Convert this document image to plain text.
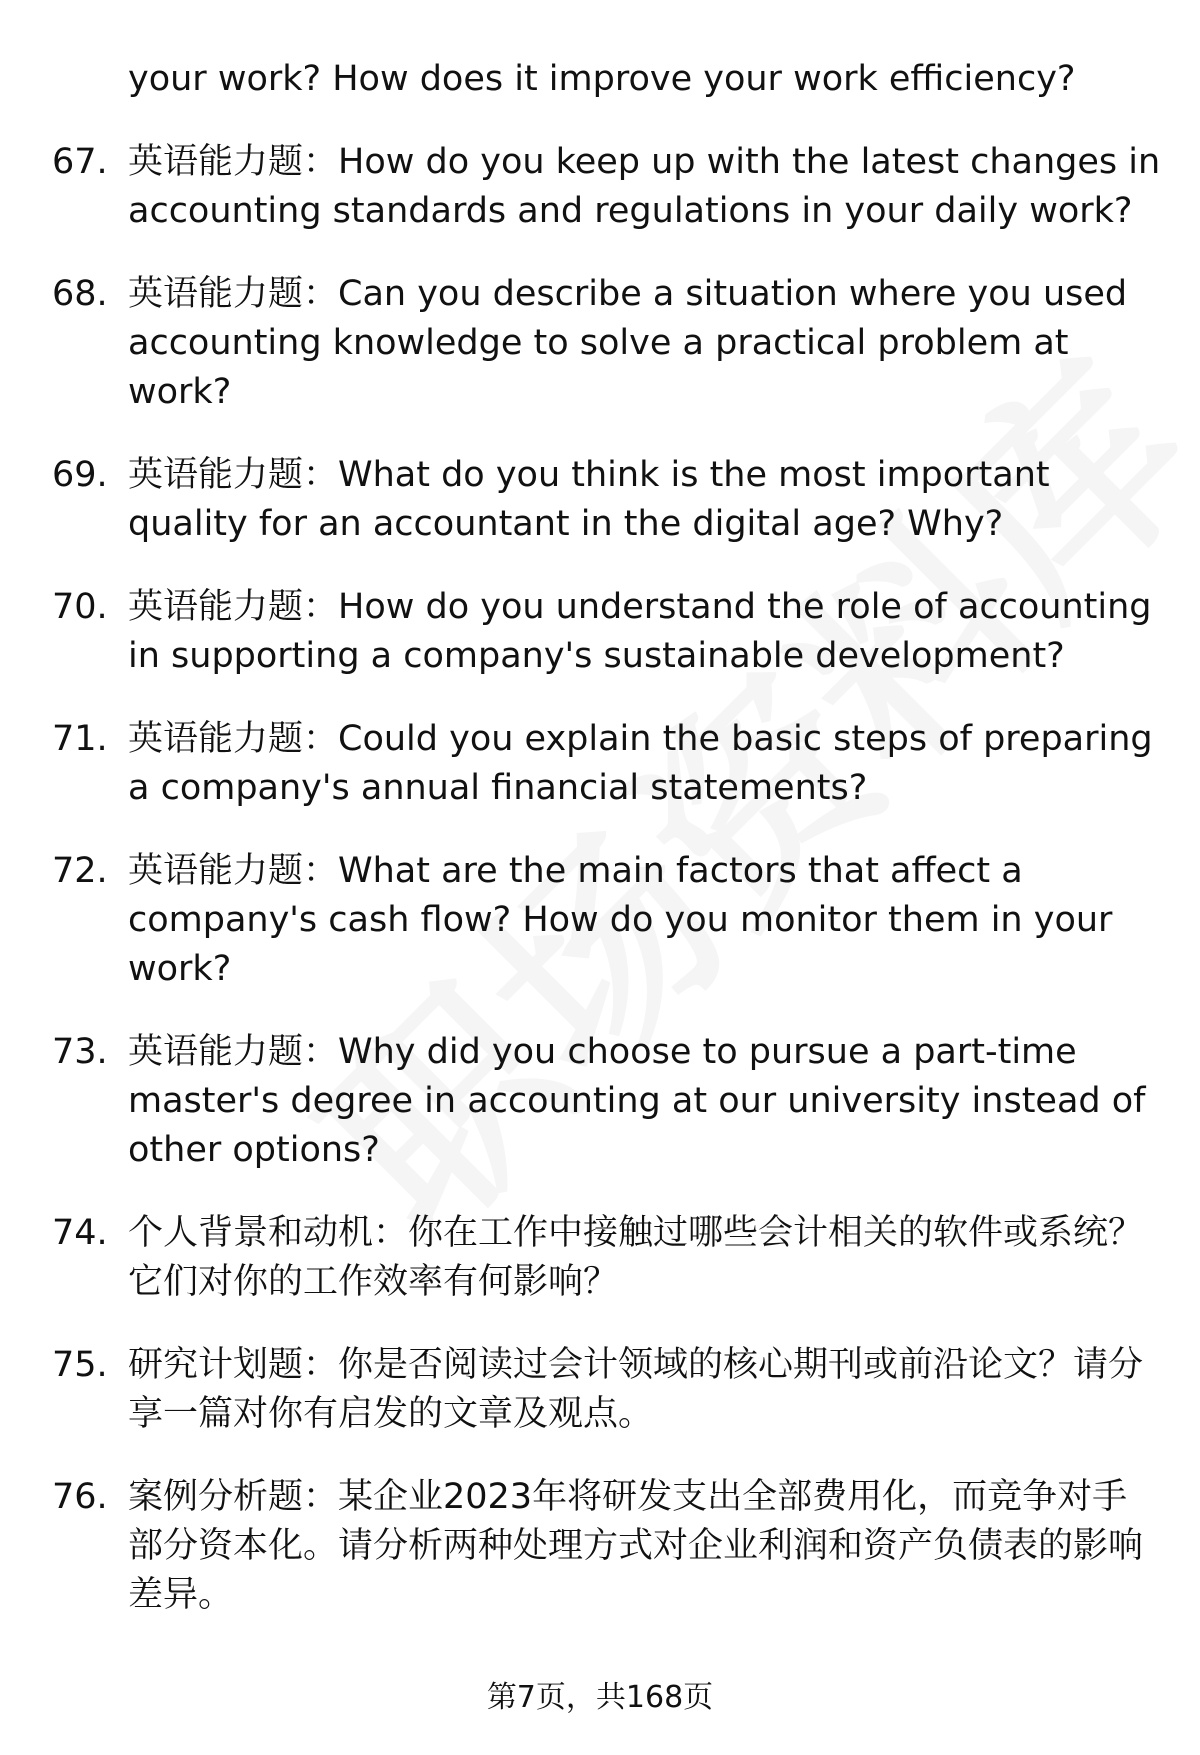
your work? How does it improve your work efficiency?
67. 英语能力题：How do you keep up with the latest changes in accounting standards and regulations in your daily work?
68. 英语能力题：Can you describe a situation where you used accounting knowledge to solve a practical problem at work?
69. 英语能力题：What do you think is the most important quality for an accountant in the digital age? Why?
70. 英语能力题：How do you understand the role of accounting in supporting a company's sustainable development?
71. 英语能力题：Could you explain the basic steps of preparing a company's annual financial statements?
72. 英语能力题：What are the main factors that affect a company's cash flow? How do you monitor them in your work?
73. 英语能力题：Why did you choose to pursue a part-time master's degree in accounting at our university instead of other options?
74. 个人背景和动机：你在工作中接触过哪些会计相关的软件或系统？它们对你的工作效率有何影响？
75. 研究计划题：你是否阅读过会计领域的核心期刊或前沿论文？请分享一篇对你有启发的文章及观点。
76. 案例分析题：某企业2023年将研发支出全部费用化，而竞争对手部分资本化。请分析两种处理方式对企业利润和资产负债表的影响差异。
第7页，共168页
